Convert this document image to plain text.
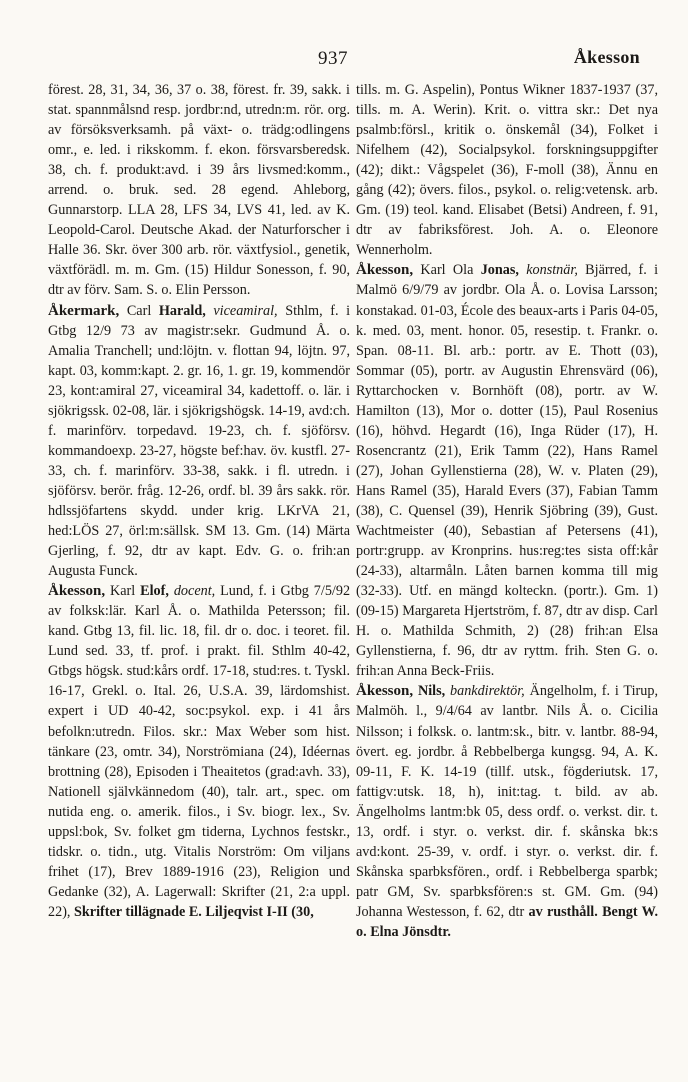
937	Åkesson

förest. 28, 31, 34, 36, 37 o. 38, förest. fr. 39, sakk. i stat. spannmålsnd resp. jordbr:nd, utredn:m. rör. org. av försöksverksamh. på växt- o. trädg:odlingens omr., e. led. i rikskomm. f. ekon. försvarsberedsk. 38, ch. f. produkt:avd. i 39 års livsmed:komm., arrend. o. bruk. sed. 28 egend. Ahleborg, Gunnarstorp. LLA 28, LFS 34, LVS 41, led. av K. Leopold-Carol. Deutsche Akad. der Naturforscher i Halle 36. Skr. över 300 arb. rör. växtfysiol., genetik, växtförädl. m. m. Gm. (15) Hildur Sonesson, f. 90, dtr av förv. Sam. S. o. Elin Persson.

Åkermark, Carl Harald, viceamiral, Sthlm, f. i Gtbg 12/9 73 av magistr:sekr. Gudmund Å. o. Amalia Tranchell; und:löjtn. v. flottan 94, löjtn. 97, kapt. 03, komm:kapt. 2. gr. 16, 1. gr. 19, kommendör 23, kont:amiral 27, viceamiral 34, kadettoff. o. lär. i sjökrigssk. 02-08, lär. i sjökrigshögsk. 14-19, avd:ch. f. marinförv. torpedavd. 19-23, ch. f. sjöförsv. kommandoexp. 23-27, högste bef:hav. öv. kustfl. 27-33, ch. f. marinförv. 33-38, sakk. i fl. utredn. i sjöförsv. berör. fråg. 12-26, ordf. bl. 39 års sakk. rör. hdlssjöfartens skydd. under krig. LKrVA 21, hed:LÖS 27, örl:m:sällsk. SM 13. Gm. (14) Märta Gjerling, f. 92, dtr av kapt. Edv. G. o. frih:an Augusta Funck.

Åkesson, Karl Elof, docent, Lund, f. i Gtbg 7/5/92 av folksk:lär. Karl Å. o. Mathilda Petersson; fil. kand. Gtbg 13, fil. lic. 18, fil. dr o. doc. i teoret. fil. Lund sed. 33, tf. prof. i prakt. fil. Sthlm 40-42, Gtbgs högsk. stud:kårs ordf. 17-18, stud:res. t. Tyskl. 16-17, Grekl. o. Ital. 26, U.S.A. 39, lärdomshist. expert i UD 40-42, soc:psykol. exp. i 41 års befolkn:utredn. Filos. skr.: Max Weber som hist. tänkare (23, omtr. 34), Norströmiana (24), Idéernas brottning (28), Episoden i Theaitetos (grad:avh. 33), Nationell självkännedom (40), talr. art., spec. om nutida eng. o. amerik. filos., i Sv. biogr. lex., Sv. uppsl:bok, Sv. folket gm tiderna, Lychnos festskr., tidskr. o. tidn., utg. Vitalis Norström: Om viljans frihet (17), Brev 1889-1916 (23), Religion und Gedanke (32), A. Lagerwall: Skrifter (21, 2:a uppl. 22), Skrifter tillägnade E. Liljeqvist I-II (30,

tills. m. G. Aspelin), Pontus Wikner 1837-1937 (37, tills. m. A. Werin). Krit. o. vittra skr.: Det nya psalmb:försl., kritik o. önskemål (34), Folket i Nifelhem (42), Socialpsykol. forskningsuppgifter (42); dikt.: Vågspelet (36), F-moll (38), Ännu en gång (42); övers. filos., psykol. o. relig:vetensk. arb. Gm. (19) teol. kand. Elisabet (Betsi) Andreen, f. 91, dtr av fabriksförest. Joh. A. o. Eleonore Wennerholm.

Åkesson, Karl Ola Jonas, konstnär, Bjärred, f. i Malmö 6/9/79 av jordbr. Ola Å. o. Lovisa Larsson; konstakad. 01-03, École des beaux-arts i Paris 04-05, k. med. 03, ment. honor. 05, resestip. t. Frankr. o. Span. 08-11. Bl. arb.: portr. av E. Thott (03), Sommar (05), portr. av Augustin Ehrensvärd (06), Ryttarchocken v. Bornhöft (08), portr. av W. Hamilton (13), Mor o. dotter (15), Paul Rosenius (16), höhvd. Hegardt (16), Inga Rüder (17), H. Rosencrantz (21), Erik Tamm (22), Hans Ramel (27), Johan Gyllenstierna (28), W. v. Platen (29), Hans Ramel (35), Harald Evers (37), Fabian Tamm (38), C. Quensel (39), Henrik Sjöbring (39), Gust. Wachtmeister (40), Sebastian af Petersens (41), portr:grupp. av Kronprins. hus:reg:tes sista off:kår (24-33), altarmåln. Låten barnen komma till mig (32-33). Utf. en mängd kolteckn. (portr.). Gm. 1) (09-15) Margareta Hjertström, f. 87, dtr av disp. Carl H. o. Mathilda Schmith, 2) (28) frih:an Elsa Gyllenstierna, f. 96, dtr av ryttm. frih. Sten G. o. frih:an Anna Beck-Friis.

Åkesson, Nils, bankdirektör, Ängelholm, f. i Tirup, Malmöh. l., 9/4/64 av lantbr. Nils Å. o. Cicilia Nilsson; i folksk. o. lantm:sk., bitr. v. lantbr. 88-94, övert. eg. jordbr. å Rebbelberga kungsg. 94, A. K. 09-11, F. K. 14-19 (tillf. utsk., fögderiutsk. 17, fattigv:utsk. 18, h), init:tag. t. bild. av ab. Ängelholms lantm:bk 05, dess ordf. o. verkst. dir. t. 13, ordf. i styr. o. verkst. dir. f. skånska bk:s avd:kont. 25-39, v. ordf. i styr. o. verkst. dir. f. Skånska sparbksfören., ordf. i Rebbelberga sparbk; patr GM, Sv. sparbksfören:s st. GM. Gm. (94) Johanna Westesson, f. 62, dtr av rusthåll. Bengt W. o. Elna Jönsdtr.
